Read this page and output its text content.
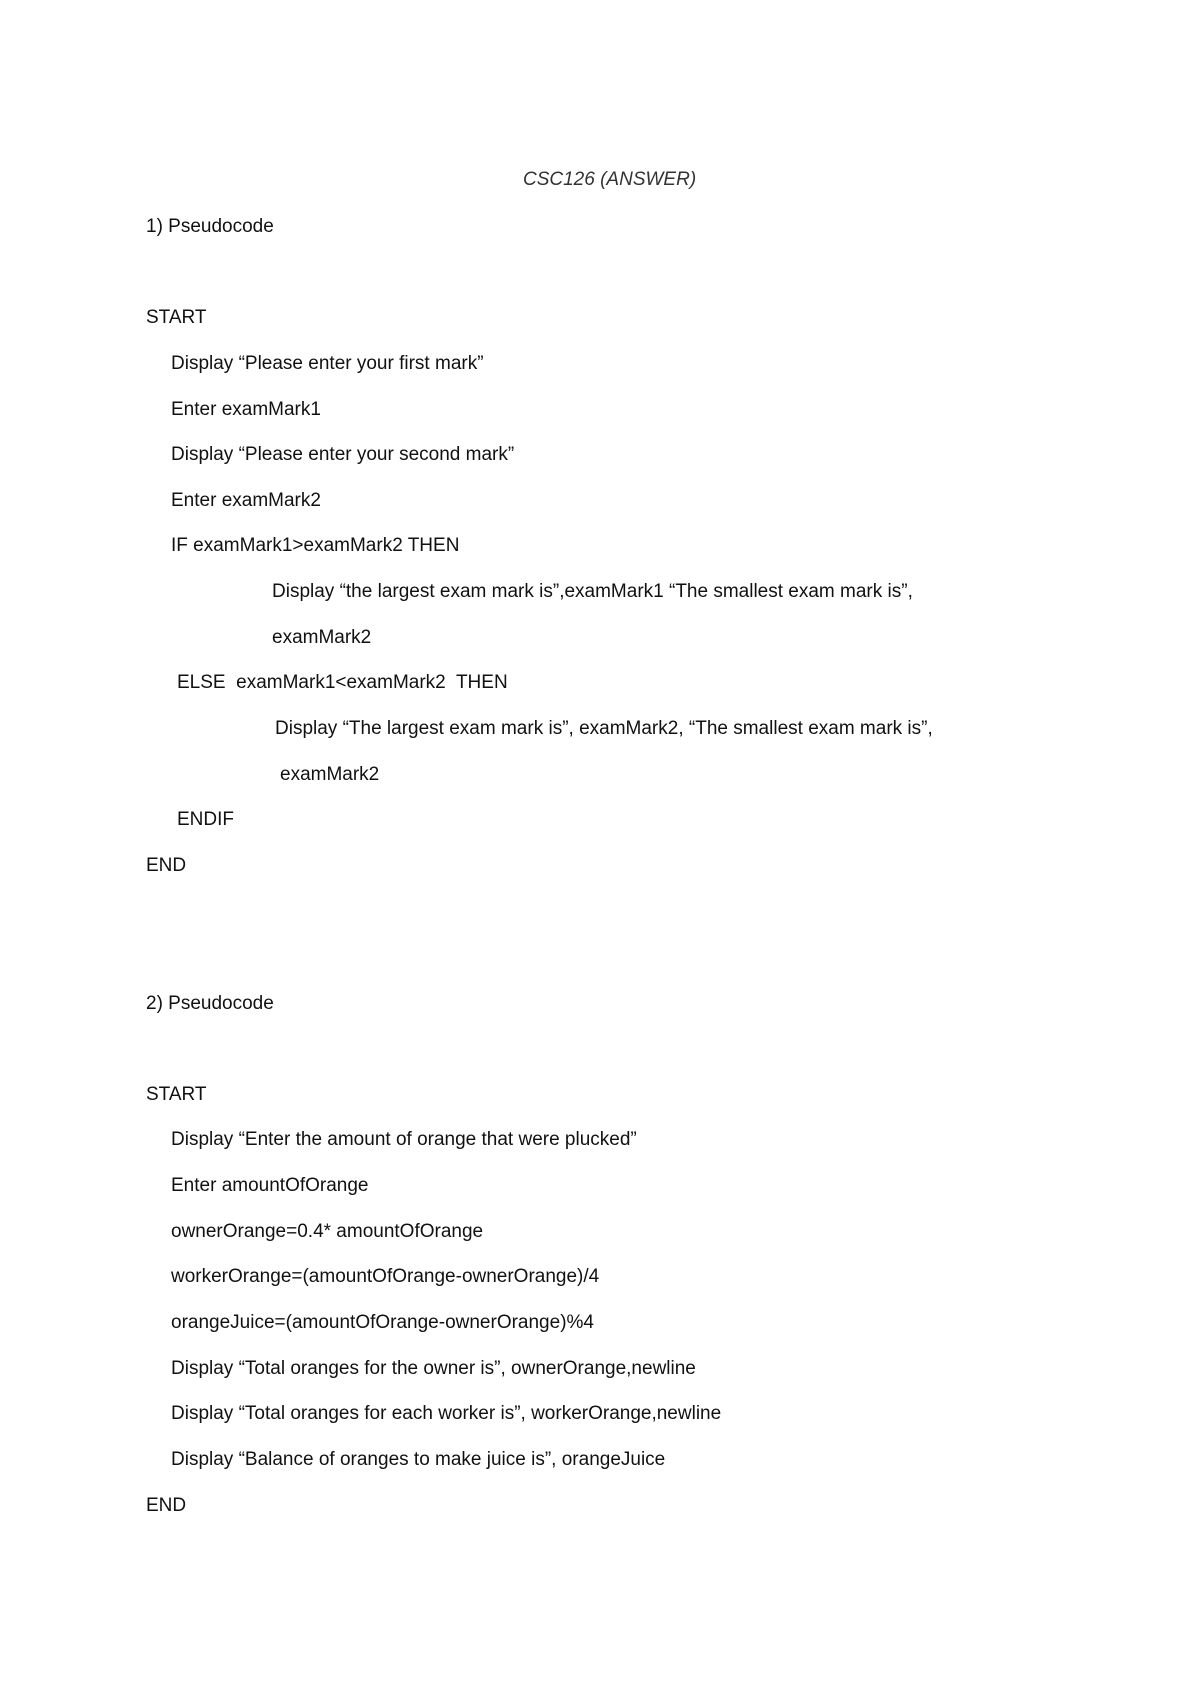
CSC126 (ANSWER)
1) Pseudocode
START
Display “Please enter your first mark”
Enter examMark1
Display “Please enter your second mark”
Enter examMark2
IF examMark1>examMark2 THEN
Display “the largest exam mark is”,examMark1 “The smallest exam mark is”,
examMark2
ELSE  examMark1<examMark2  THEN
Display “The largest exam mark is”, examMark2, “The smallest exam mark is”,
examMark2
ENDIF
END
2) Pseudocode
START
Display “Enter the amount of orange that were plucked”
Enter amountOfOrange
ownerOrange=0.4* amountOfOrange
workerOrange=(amountOfOrange-ownerOrange)/4
orangeJuice=(amountOfOrange-ownerOrange)%4
Display “Total oranges for the owner is”, ownerOrange,newline
Display “Total oranges for each worker is”, workerOrange,newline
Display “Balance of oranges to make juice is”, orangeJuice
END
